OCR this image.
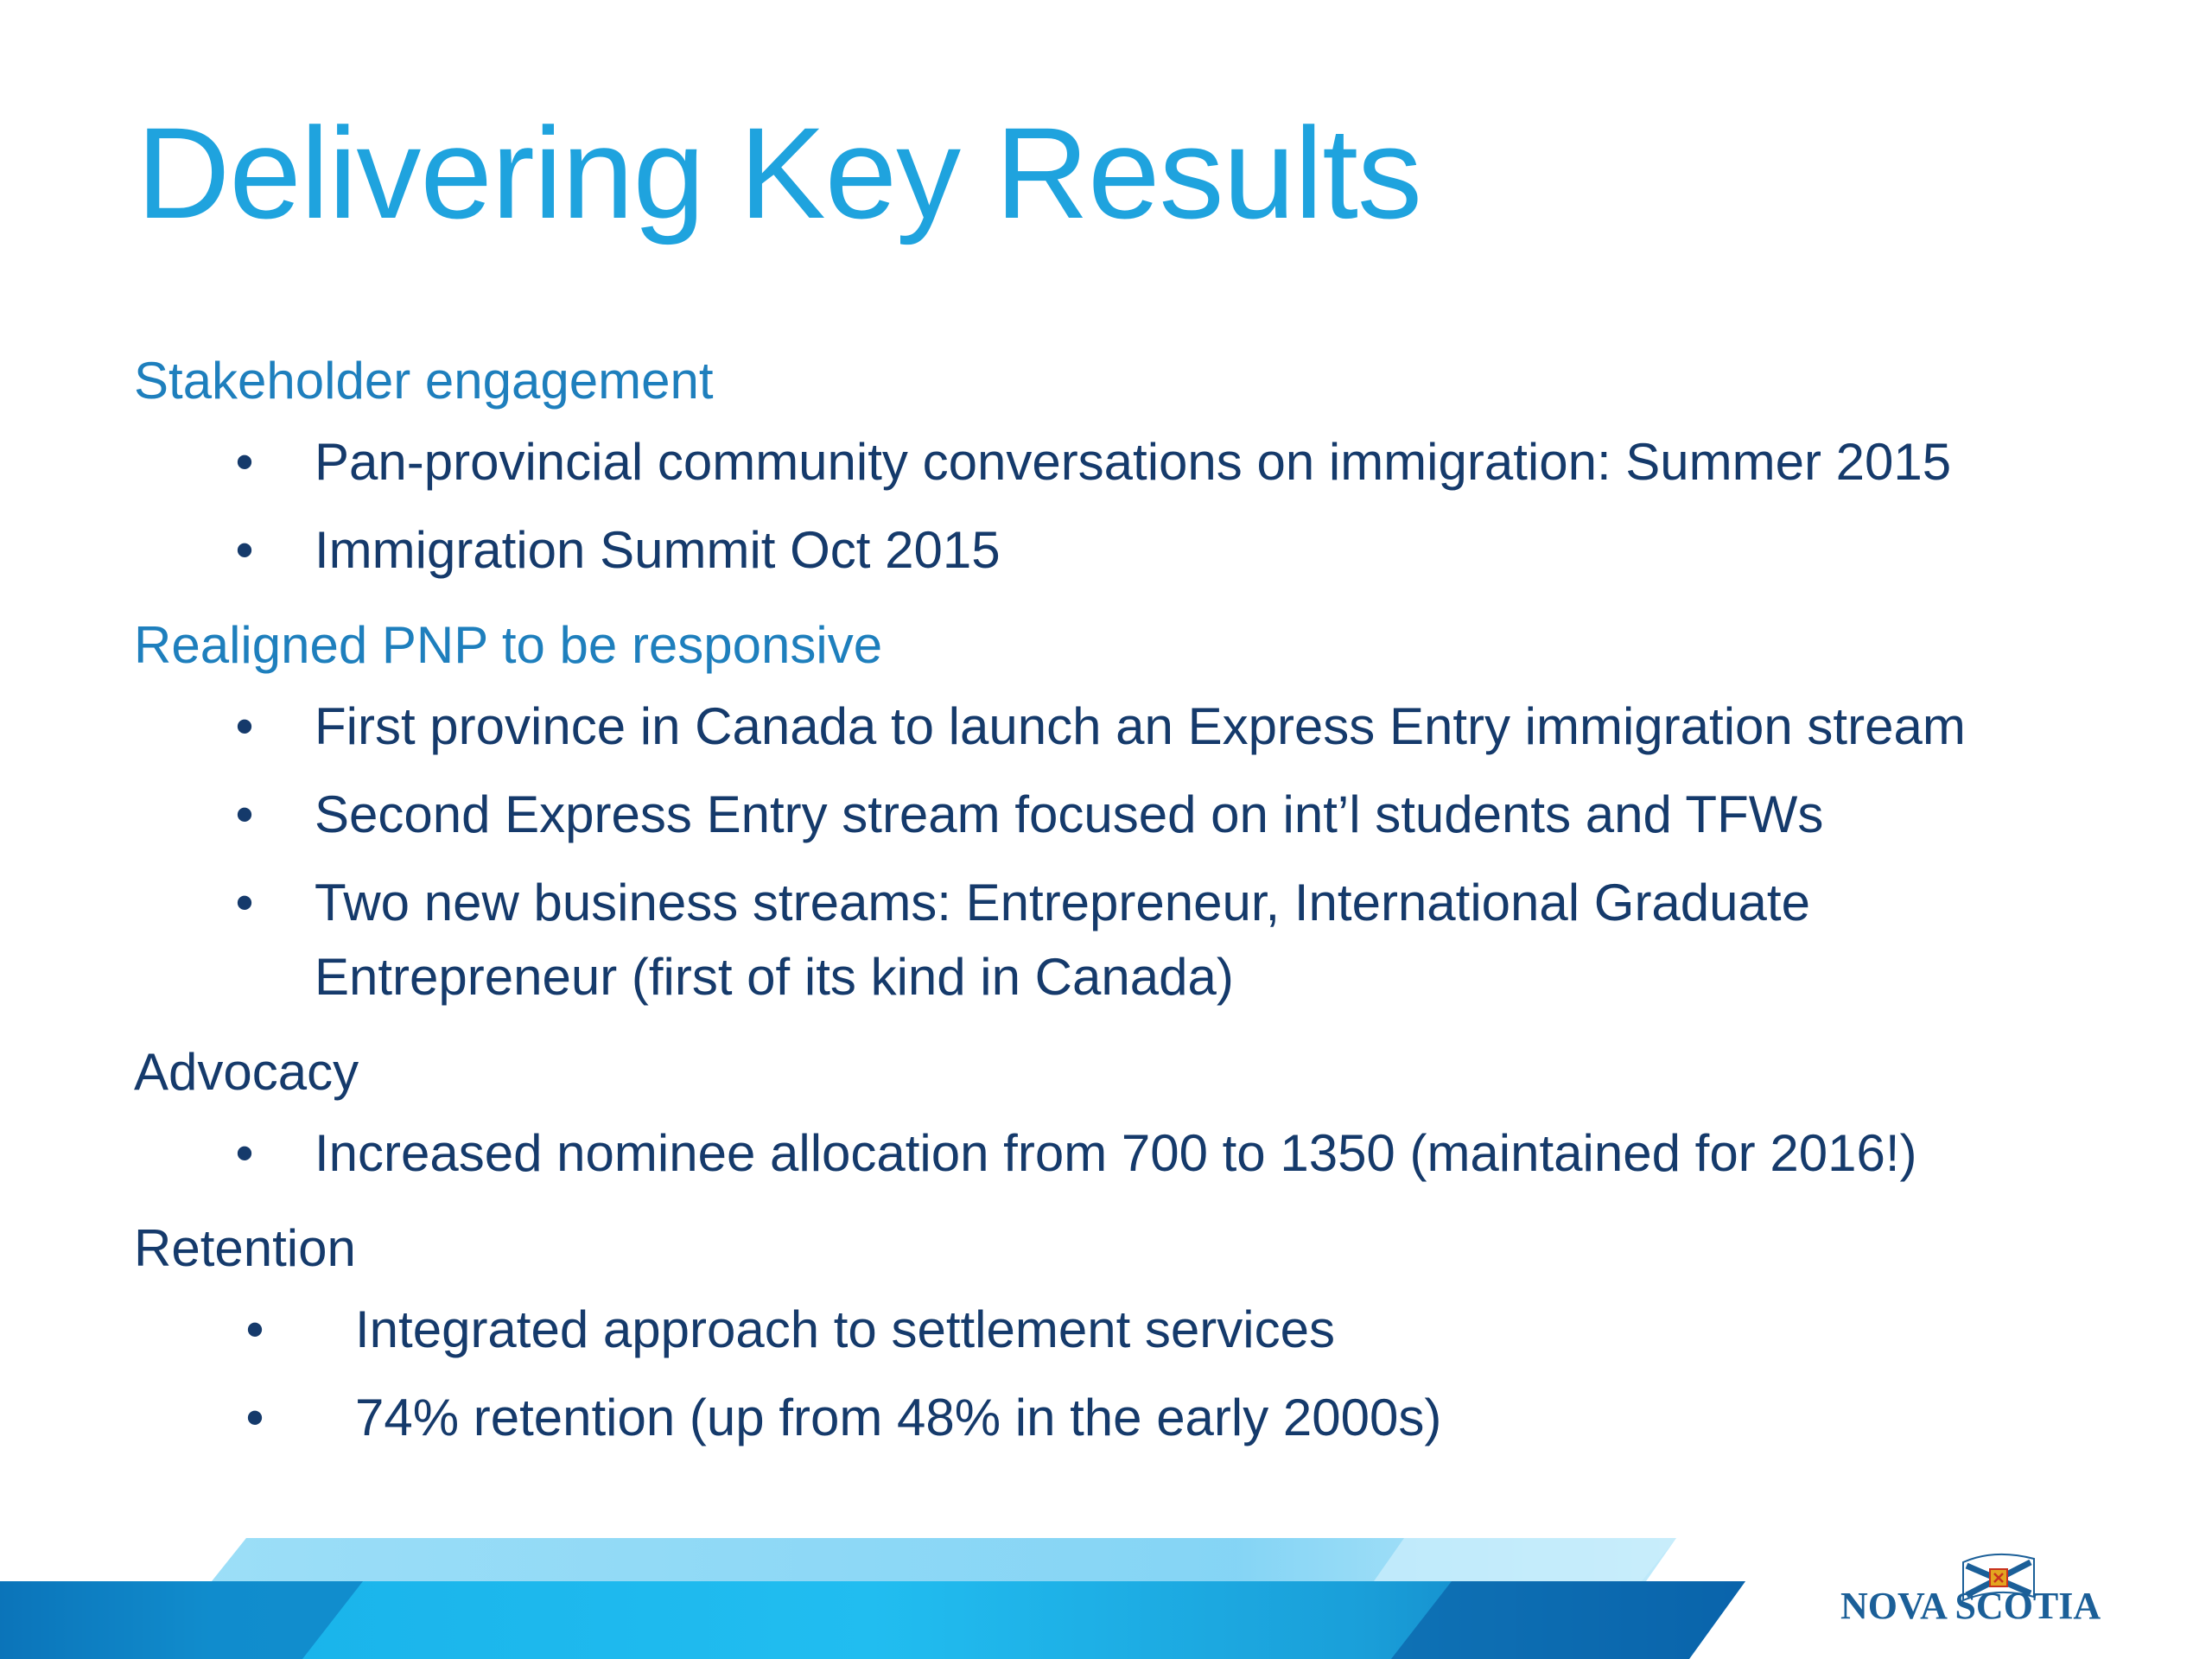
Delivering Key Results
Stakeholder engagement
• Pan-provincial community conversations on immigration: Summer 2015
• Immigration Summit Oct 2015
Realigned PNP to be responsive
• First province in Canada to launch an Express Entry immigration stream
• Second Express Entry stream focused on int’l students and TFWs
• Two new business streams: Entrepreneur, International Graduate
Entrepreneur (first of its kind in Canada)
Advocacy
• Increased nominee allocation from 700 to 1350 (maintained for 2016!)
Retention
• Integrated approach to settlement services
• 74% retention (up from 48% in the early 2000s)
NOVA SCOTIA
